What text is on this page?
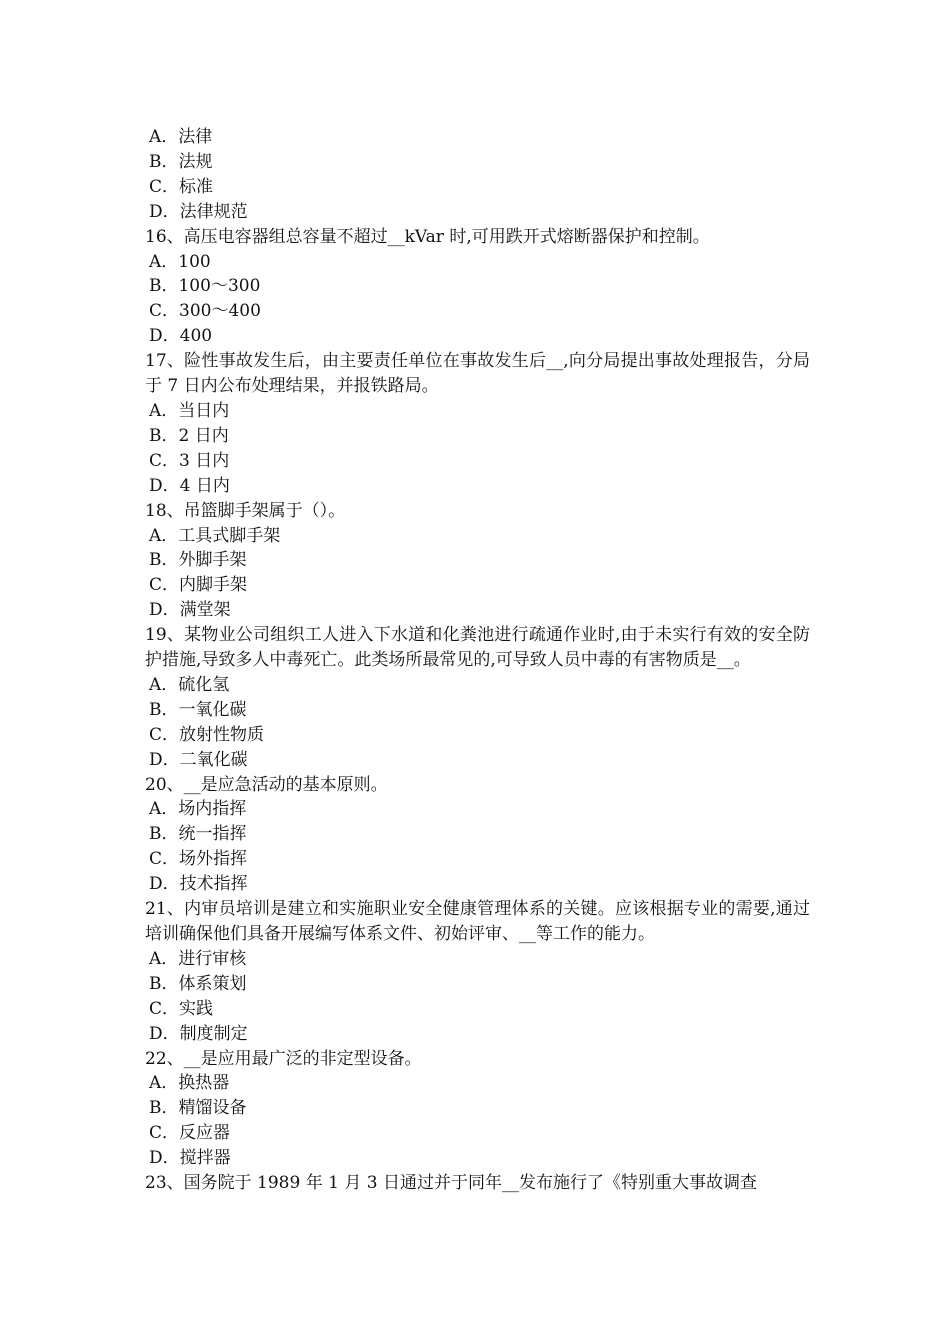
A．法律
B．法规
C．标准
D．法律规范
16、高压电容器组总容量不超过__kVar 时,可用跌开式熔断器保护和控制。
A．100
B．100～300
C．300～400
D．400
17、险性事故发生后，由主要责任单位在事故发生后__,向分局提出事故处理报告，分局于 7 日内公布处理结果，并报铁路局。
A．当日内
B．2 日内
C．3 日内
D．4 日内
18、吊篮脚手架属于（）。
A．工具式脚手架
B．外脚手架
C．内脚手架
D．满堂架
19、某物业公司组织工人进入下水道和化粪池进行疏通作业时,由于未实行有效的安全防护措施,导致多人中毒死亡。此类场所最常见的,可导致人员中毒的有害物质是__。
A．硫化氢
B．一氧化碳
C．放射性物质
D．二氧化碳
20、__是应急活动的基本原则。
A．场内指挥
B．统一指挥
C．场外指挥
D．技术指挥
21、内审员培训是建立和实施职业安全健康管理体系的关键。应该根据专业的需要,通过培训确保他们具备开展编写体系文件、初始评审、__等工作的能力。
A．进行审核
B．体系策划
C．实践
D．制度制定
22、__是应用最广泛的非定型设备。
A．换热器
B．精馏设备
C．反应器
D．搅拌器
23、国务院于 1989 年 1 月 3 日通过并于同年__发布施行了《特别重大事故调查
